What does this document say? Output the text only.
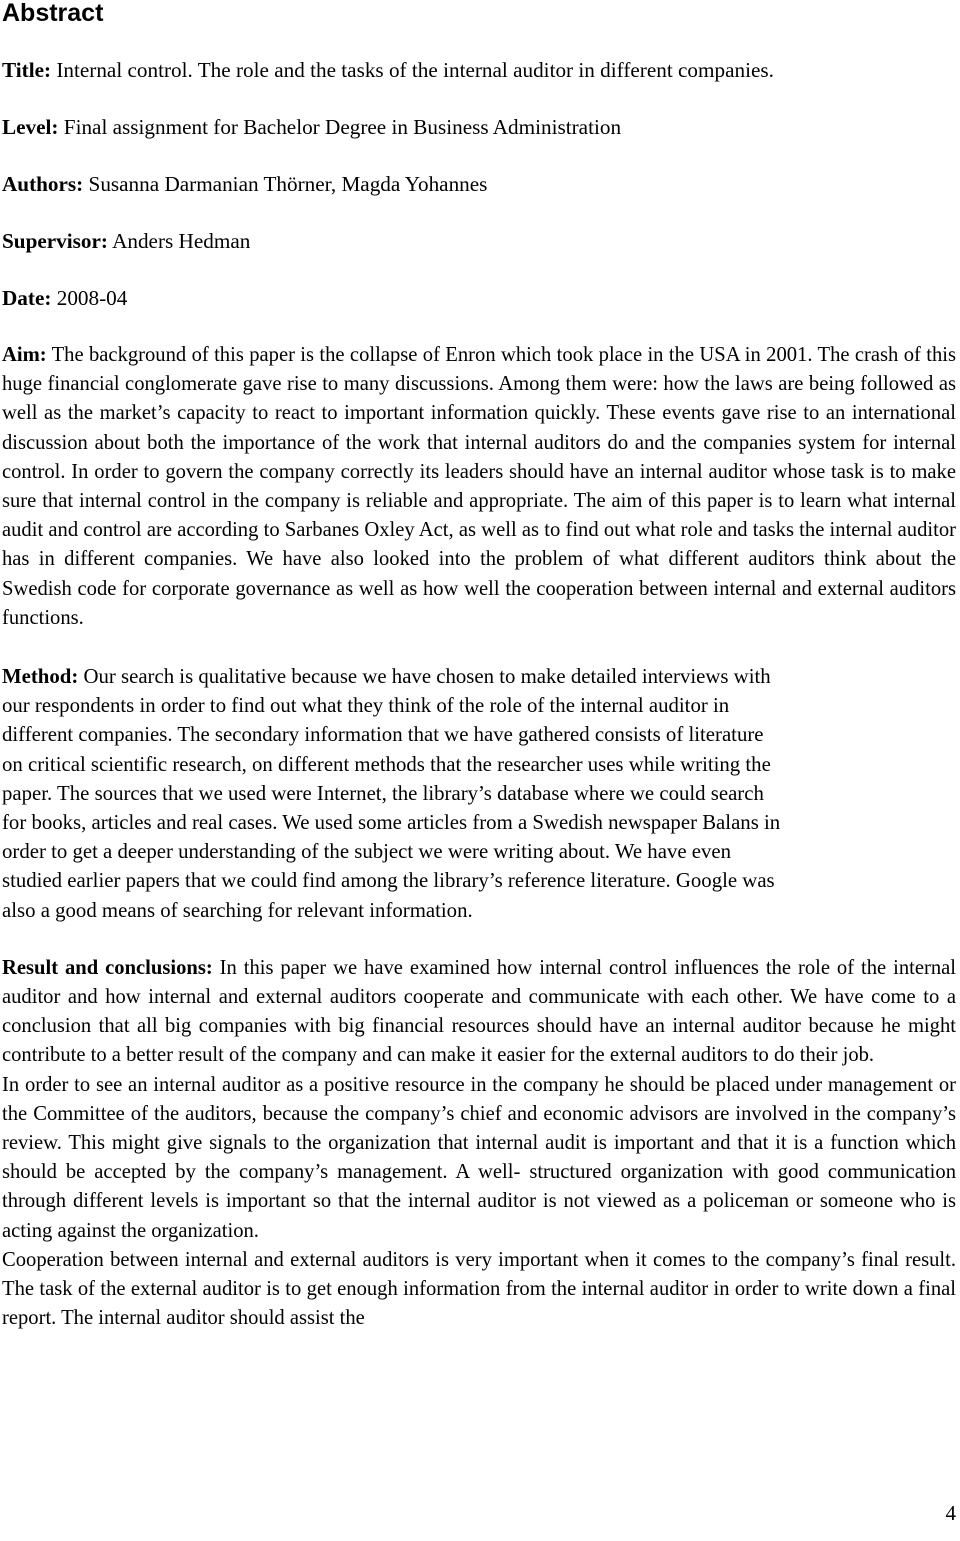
Abstract

Title: Internal control. The role and the tasks of the internal auditor in different companies.

Level: Final assignment for Bachelor Degree in Business Administration

Authors: Susanna Darmanian Thörner, Magda Yohannes

Supervisor: Anders Hedman

Date: 2008-04

Aim: The background of this paper is the collapse of Enron which took place in the USA in 2001. The crash of this huge financial conglomerate gave rise to many discussions. Among them were: how the laws are being followed as well as the market’s capacity to react to important information quickly. These events gave rise to an international discussion about both the importance of the work that internal auditors do and the companies system for internal control. In order to govern the company correctly its leaders should have an internal auditor whose task is to make sure that internal control in the company is reliable and appropriate. The aim of this paper is to learn what internal audit and control are according to Sarbanes Oxley Act, as well as to find out what role and tasks the internal auditor has in different companies. We have also looked into the problem of what different auditors think about the Swedish code for corporate governance as well as how well the cooperation between internal and external auditors functions.

Method: Our search is qualitative because we have chosen to make detailed interviews with
our respondents in order to find out what they think of the role of the internal auditor in
different companies. The secondary information that we have gathered consists of literature
on critical scientific research, on different methods that the researcher uses while writing the
paper. The sources that we used were Internet, the library’s database where we could search
for books, articles and real cases. We used some articles from a Swedish newspaper Balans in
order to get a deeper understanding of the subject we were writing about. We have even
studied earlier papers that we could find among the library’s reference literature. Google was
also a good means of searching for relevant information.

Result and conclusions: In this paper we have examined how internal control influences the role of the internal auditor and how internal and external auditors cooperate and communicate with each other. We have come to a conclusion that all big companies with big financial resources should have an internal auditor because he might contribute to a better result of the company and can make it easier for the external auditors to do their job.

In order to see an internal auditor as a positive resource in the company he should be placed under management or the Committee of the auditors, because the company’s chief and economic advisors are involved in the company’s review. This might give signals to the organization that internal audit is important and that it is a function which should be accepted by the company’s management. A well- structured organization with good communication through different levels is important so that the internal auditor is not viewed as a policeman or someone who is acting against the organization.

Cooperation between internal and external auditors is very important when it comes to the company’s final result. The task of the external auditor is to get enough information from the internal auditor in order to write down a final report. The internal auditor should assist the

4
